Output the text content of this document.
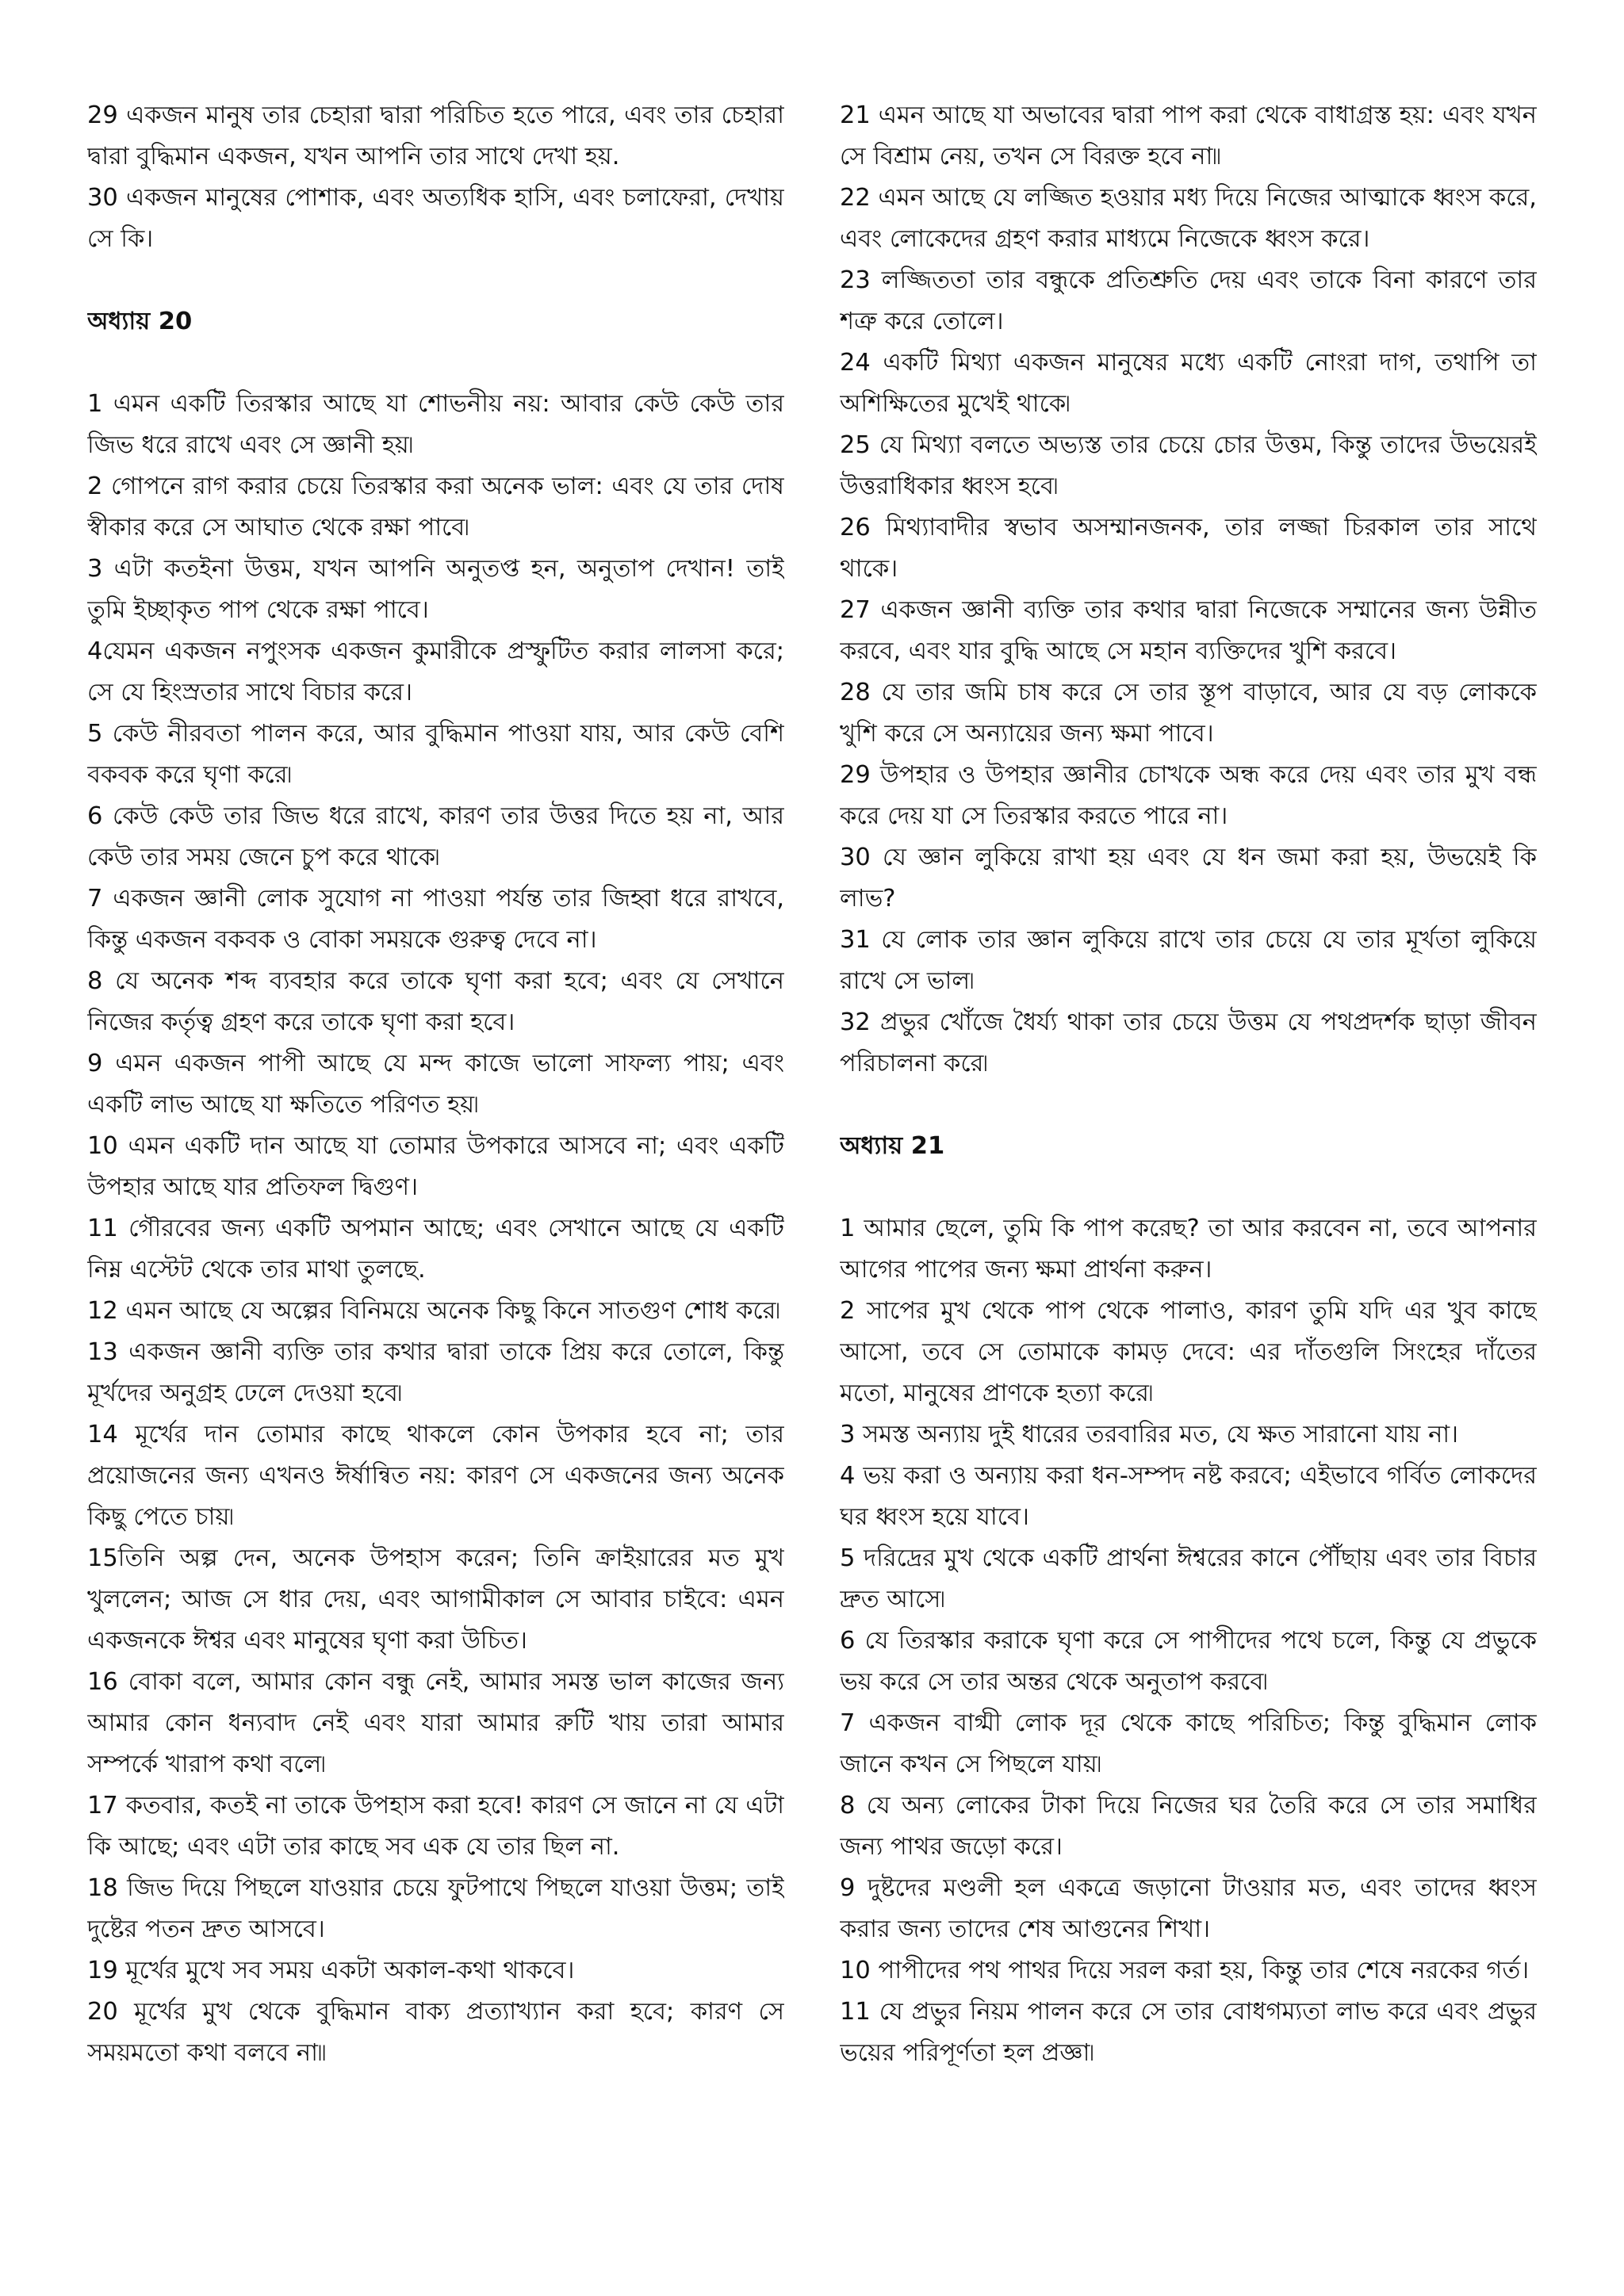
29 একজন মানুষ তার চেহারা দ্বারা পরিচিত হতে পারে, এবং তার চেহারা দ্বারা বুদ্ধিমান একজন, যখন আপনি তার সাথে দেখা হয়.

30 একজন মানুষের পোশাক, এবং অত্যধিক হাসি, এবং চলাফেরা, দেখায় সে কি।

অধ্যায় 20

1 এমন একটি তিরস্কার আছে যা শোভনীয় নয়: আবার কেউ কেউ তার জিভ ধরে রাখে এবং সে জ্ঞানী হয়৷

2 গোপনে রাগ করার চেয়ে তিরস্কার করা অনেক ভাল: এবং যে তার দোষ স্বীকার করে সে আঘাত থেকে রক্ষা পাবে৷

3 এটা কতইনা উত্তম, যখন আপনি অনুতপ্ত হন, অনুতাপ দেখান! তাই তুমি ইচ্ছাকৃত পাপ থেকে রক্ষা পাবে।

4যেমন একজন নপুংসক একজন কুমারীকে প্রস্ফুটিত করার লালসা করে; সে যে হিংস্রতার সাথে বিচার করে।

5 কেউ নীরবতা পালন করে, আর বুদ্ধিমান পাওয়া যায়, আর কেউ বেশি বকবক করে ঘৃণা করে৷

6 কেউ কেউ তার জিভ ধরে রাখে, কারণ তার উত্তর দিতে হয় না, আর কেউ তার সময় জেনে চুপ করে থাকে৷

7 একজন জ্ঞানী লোক সুযোগ না পাওয়া পর্যন্ত তার জিহ্বা ধরে রাখবে, কিন্তু একজন বকবক ও বোকা সময়কে গুরুত্ব দেবে না।

8 যে অনেক শব্দ ব্যবহার করে তাকে ঘৃণা করা হবে; এবং যে সেখানে নিজের কর্তৃত্ব গ্রহণ করে তাকে ঘৃণা করা হবে।

9 এমন একজন পাপী আছে যে মন্দ কাজে ভালো সাফল্য পায়; এবং একটি লাভ আছে যা ক্ষতিতে পরিণত হয়৷

10 এমন একটি দান আছে যা তোমার উপকারে আসবে না; এবং একটি উপহার আছে যার প্রতিফল দ্বিগুণ।

11 গৌরবের জন্য একটি অপমান আছে; এবং সেখানে আছে যে একটি নিম্ন এস্টেট থেকে তার মাথা তুলছে.

12 এমন আছে যে অল্পের বিনিময়ে অনেক কিছু কিনে সাতগুণ শোধ করে৷

13 একজন জ্ঞানী ব্যক্তি তার কথার দ্বারা তাকে প্রিয় করে তোলে, কিন্তু মূর্খদের অনুগ্রহ ঢেলে দেওয়া হবে৷

14 মূর্খের দান তোমার কাছে থাকলে কোন উপকার হবে না; তার প্রয়োজনের জন্য এখনও ঈর্ষান্বিত নয়: কারণ সে একজনের জন্য অনেক কিছু পেতে চায়৷

15তিনি অল্প দেন, অনেক উপহাস করেন; তিনি ক্রাইয়ারের মত মুখ খুললেন; আজ সে ধার দেয়, এবং আগামীকাল সে আবার চাইবে: এমন একজনকে ঈশ্বর এবং মানুষের ঘৃণা করা উচিত।

16 বোকা বলে, আমার কোন বন্ধু নেই, আমার সমস্ত ভাল কাজের জন্য আমার কোন ধন্যবাদ নেই এবং যারা আমার রুটি খায় তারা আমার সম্পর্কে খারাপ কথা বলে৷

17 কতবার, কতই না তাকে উপহাস করা হবে! কারণ সে জানে না যে এটা কি আছে; এবং এটা তার কাছে সব এক যে তার ছিল না.

18 জিভ দিয়ে পিছলে যাওয়ার চেয়ে ফুটপাথে পিছলে যাওয়া উত্তম; তাই দুষ্টের পতন দ্রুত আসবে।

19 মূর্খের মুখে সব সময় একটা অকাল-কথা থাকবে।

20 মূর্খের মুখ থেকে বুদ্ধিমান বাক্য প্রত্যাখ্যান করা হবে; কারণ সে সময়মতো কথা বলবে না৷৷

21 এমন আছে যা অভাবের দ্বারা পাপ করা থেকে বাধাগ্রস্ত হয়: এবং যখন সে বিশ্রাম নেয়, তখন সে বিরক্ত হবে না৷৷

22 এমন আছে যে লজ্জিত হওয়ার মধ্য দিয়ে নিজের আত্মাকে ধ্বংস করে, এবং লোকেদের গ্রহণ করার মাধ্যমে নিজেকে ধ্বংস করে।

23 লজ্জিততা তার বন্ধুকে প্রতিশ্রুতি দেয় এবং তাকে বিনা কারণে তার শত্রু করে তোলে।

24 একটি মিথ্যা একজন মানুষের মধ্যে একটি নোংরা দাগ, তথাপি তা অশিক্ষিতের মুখেই থাকে৷

25 যে মিথ্যা বলতে অভ্যস্ত তার চেয়ে চোর উত্তম, কিন্তু তাদের উভয়েরই উত্তরাধিকার ধ্বংস হবে৷

26 মিথ্যাবাদীর স্বভাব অসম্মানজনক, তার লজ্জা চিরকাল তার সাথে থাকে।

27 একজন জ্ঞানী ব্যক্তি তার কথার দ্বারা নিজেকে সম্মানের জন্য উন্নীত করবে, এবং যার বুদ্ধি আছে সে মহান ব্যক্তিদের খুশি করবে।

28 যে তার জমি চাষ করে সে তার স্তূপ বাড়াবে, আর যে বড় লোককে খুশি করে সে অন্যায়ের জন্য ক্ষমা পাবে।

29 উপহার ও উপহার জ্ঞানীর চোখকে অন্ধ করে দেয় এবং তার মুখ বন্ধ করে দেয় যা সে তিরস্কার করতে পারে না।

30 যে জ্ঞান লুকিয়ে রাখা হয় এবং যে ধন জমা করা হয়, উভয়েই কি লাভ?

31 যে লোক তার জ্ঞান লুকিয়ে রাখে তার চেয়ে যে তার মূর্খতা লুকিয়ে রাখে সে ভাল৷

32 প্রভুর খোঁজে ধৈর্য্য থাকা তার চেয়ে উত্তম যে পথপ্রদর্শক ছাড়া জীবন পরিচালনা করে৷

অধ্যায় 21

1 আমার ছেলে, তুমি কি পাপ করেছ? তা আর করবেন না, তবে আপনার আগের পাপের জন্য ক্ষমা প্রার্থনা করুন।

2 সাপের মুখ থেকে পাপ থেকে পালাও, কারণ তুমি যদি এর খুব কাছে আসো, তবে সে তোমাকে কামড় দেবে: এর দাঁতগুলি সিংহের দাঁতের মতো, মানুষের প্রাণকে হত্যা করে৷

3 সমস্ত অন্যায় দুই ধারের তরবারির মত, যে ক্ষত সারানো যায় না।

4 ভয় করা ও অন্যায় করা ধন-সম্পদ নষ্ট করবে; এইভাবে গর্বিত লোকদের ঘর ধ্বংস হয়ে যাবে।

5 দরিদ্রের মুখ থেকে একটি প্রার্থনা ঈশ্বরের কানে পৌঁছায় এবং তার বিচার দ্রুত আসে৷

6 যে তিরস্কার করাকে ঘৃণা করে সে পাপীদের পথে চলে, কিন্তু যে প্রভুকে ভয় করে সে তার অন্তর থেকে অনুতাপ করবে৷

7 একজন বাগ্মী লোক দূর থেকে কাছে পরিচিত; কিন্তু বুদ্ধিমান লোক জানে কখন সে পিছলে যায়৷

8 যে অন্য লোকের টাকা দিয়ে নিজের ঘর তৈরি করে সে তার সমাধির জন্য পাথর জড়ো করে।

9 দুষ্টদের মণ্ডলী হল একত্রে জড়ানো টাওয়ার মত, এবং তাদের ধ্বংস করার জন্য তাদের শেষ আগুনের শিখা।

10 পাপীদের পথ পাথর দিয়ে সরল করা হয়, কিন্তু তার শেষে নরকের গর্ত।

11 যে প্রভুর নিয়ম পালন করে সে তার বোধগম্যতা লাভ করে এবং প্রভুর ভয়ের পরিপূর্ণতা হল প্রজ্ঞা৷
